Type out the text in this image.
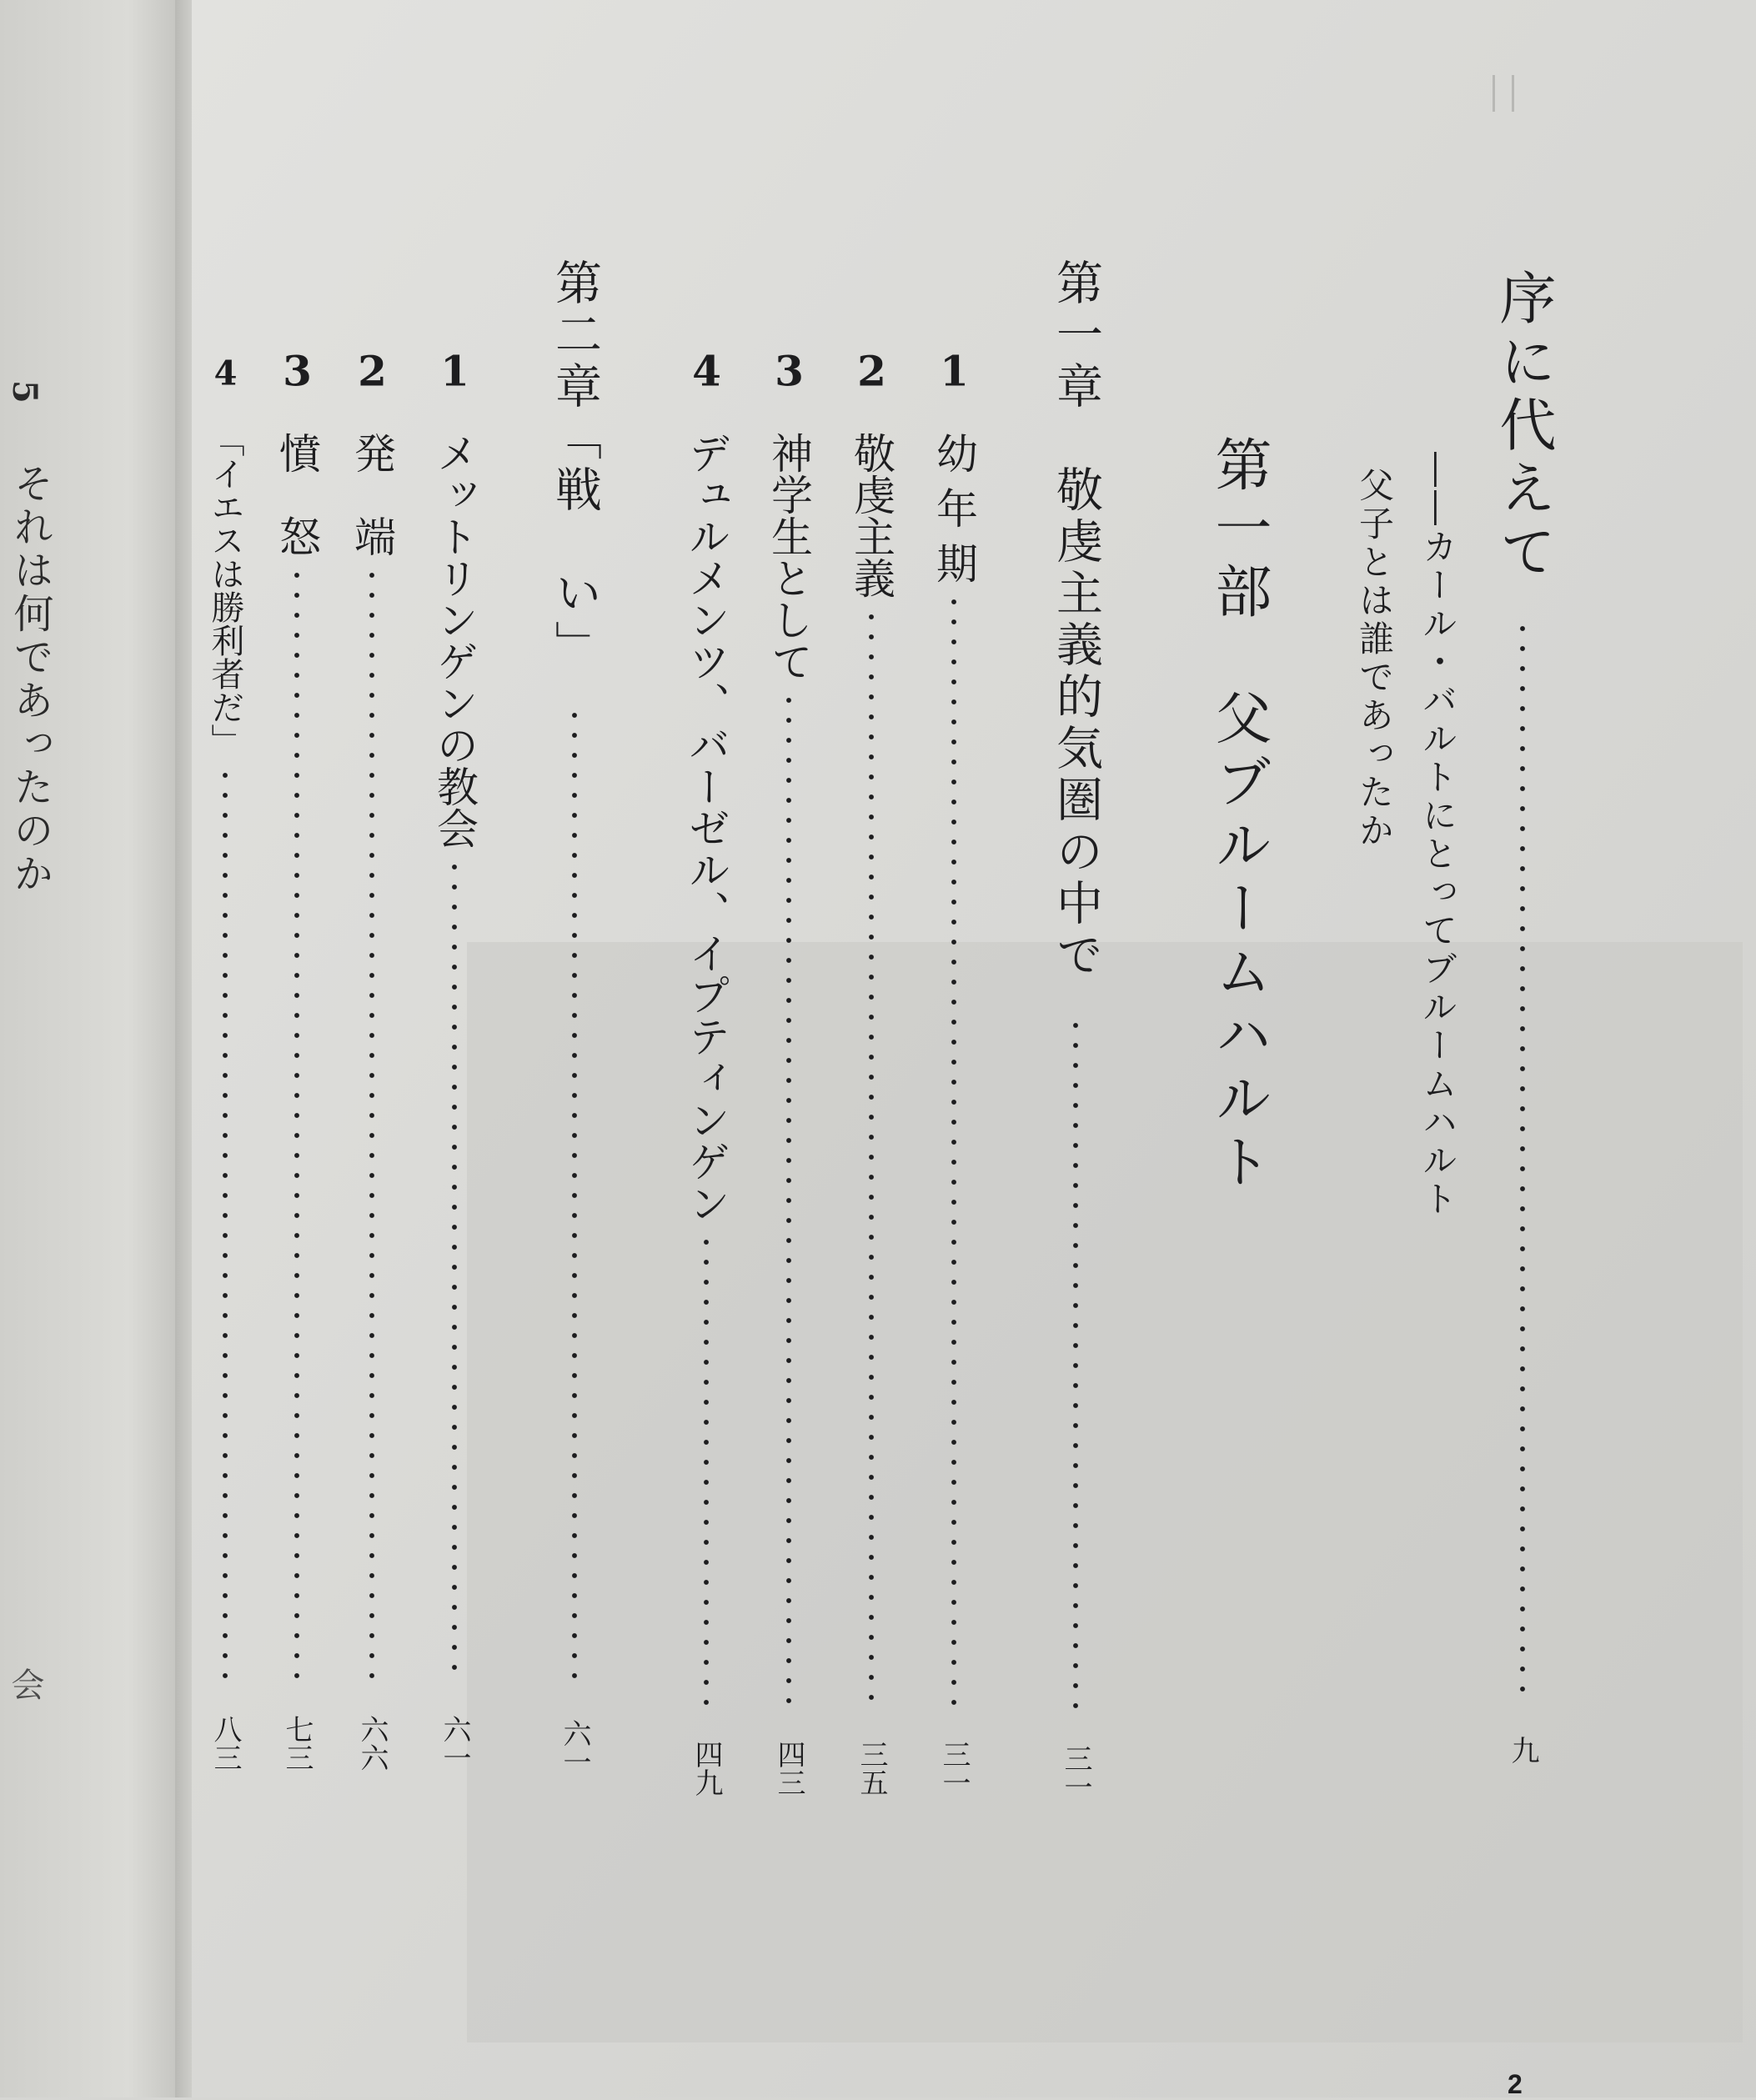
5
それは何であったのか
会
序に代えて
九
――カール・バルトにとってブルームハルト
父子とは誰であったか
第一部　父ブルームハルト
第一章　敬虔主義的気圏の中で
三一
1
幼 年 期
三一
2
敬虔主義
三五
3
神学生として
四三
4
デュルメンツ、バーゼル、イプティンゲン
四九
第二章「戦　い」
六一
1
メットリンゲンの教会
六一
2
発　端
六六
3
憤　怒
七三
4
「イエスは勝利者だ」
八三
2
